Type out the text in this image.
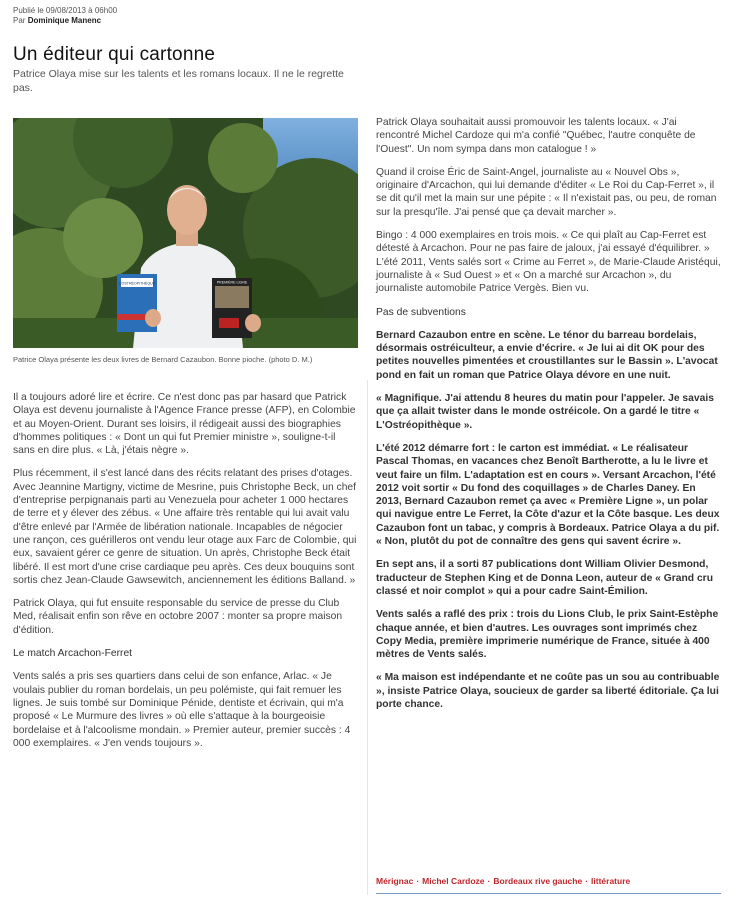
Publié le 09/08/2013 à 06h00
Par Dominique Manenc
Un éditeur qui cartonne
Patrice Olaya mise sur les talents et les romans locaux. Il ne le regrette pas.
L'OSTRÉOPITHÈQUE	PREMIÈRE LIGNE
Patrice Olaya présente les deux livres de Bernard Cazaubon. Bonne pioche. (photo D. M.)

Il a toujours adoré lire et écrire. Ce n'est donc pas par hasard que Patrick Olaya est devenu journaliste à l'Agence France presse (AFP), en Colombie et au Moyen-Orient. Durant ses loisirs, il rédigeait aussi des biographies d'hommes politiques : « Dont un qui fut Premier ministre », souligne-t-il sans en dire plus. « Là, j'étais nègre ».

Plus récemment, il s'est lancé dans des récits relatant des prises d'otages. Avec Jeannine Martigny, victime de Mesrine, puis Christophe Beck, un chef d'entreprise perpignanais parti au Venezuela pour acheter 1 000 hectares de terre et y élever des zébus. « Une affaire très rentable qui lui avait valu d'être enlevé par l'Armée de libération nationale. Incapables de négocier une rançon, ces guérilleros ont vendu leur otage aux Farc de Colombie, qui eux, savaient gérer ce genre de situation. Un après, Christophe Beck était libéré. Il est mort d'une crise cardiaque peu après. Ces deux bouquins sont sortis chez Jean-Claude Gawsewitch, anciennement les éditions Balland. »

Patrick Olaya, qui fut ensuite responsable du service de presse du Club Med, réalisait enfin son rêve en octobre 2007 : monter sa propre maison d'édition.

Le match Arcachon-Ferret

Vents salés a pris ses quartiers dans celui de son enfance, Arlac. « Je voulais publier du roman bordelais, un peu polémiste, qui fait remuer les lignes. Je suis tombé sur Dominique Pénide, dentiste et écrivain, qui m'a proposé « Le Murmure des livres » où elle s'attaque à la bourgeoisie bordelaise et à l'alcoolisme mondain. » Premier auteur, premier succès : 4 000 exemplaires. « J'en vends toujours ».

Patrick Olaya souhaitait aussi promouvoir les talents locaux. « J'ai rencontré Michel Cardoze qui m'a confié "Québec, l'autre conquête de l'Ouest". Un nom sympa dans mon catalogue ! »

Quand il croise Éric de Saint-Angel, journaliste au « Nouvel Obs », originaire d'Arcachon, qui lui demande d'éditer « Le Roi du Cap-Ferret », il se dit qu'il met la main sur une pépite : « Il n'existait pas, ou peu, de roman sur la presqu'île. J'ai pensé que ça devait marcher ».

Bingo : 4 000 exemplaires en trois mois. « Ce qui plaît au Cap-Ferret est détesté à Arcachon. Pour ne pas faire de jaloux, j'ai essayé d'équilibrer. » L'été 2011, Vents salés sort « Crime au Ferret », de Marie-Claude Aristéqui, journaliste à « Sud Ouest » et « On a marché sur Arcachon », du journaliste automobile Patrice Vergès. Bien vu.

Pas de subventions

Bernard Cazaubon entre en scène. Le ténor du barreau bordelais, désormais ostréiculteur, a envie d'écrire. « Je lui ai dit OK pour des petites nouvelles pimentées et croustillantes sur le Bassin ». L'avocat pond en fait un roman que Patrice Olaya dévore en une nuit.

« Magnifique. J'ai attendu 8 heures du matin pour l'appeler. Je savais que ça allait twister dans le monde ostréicole. On a gardé le titre « L'Ostréopithèque ».

L'été 2012 démarre fort : le carton est immédiat. « Le réalisateur Pascal Thomas, en vacances chez Benoît Bartherotte, a lu le livre et veut faire un film. L'adaptation est en cours ». Versant Arcachon, l'été 2012 voit sortir « Du fond des coquillages » de Charles Daney. En 2013, Bernard Cazaubon remet ça avec « Première Ligne », un polar qui navigue entre Le Ferret, la Côte d'azur et la Côte basque. Les deux Cazaubon font un tabac, y compris à Bordeaux. Patrice Olaya a du pif. « Non, plutôt du pot de connaître des gens qui savent écrire ».

En sept ans, il a sorti 87 publications dont William Olivier Desmond, traducteur de Stephen King et de Donna Leon, auteur de « Grand cru classé et noir complot » qui a pour cadre Saint-Émilion.

Vents salés a raflé des prix : trois du Lions Club, le prix Saint-Estèphe chaque année, et bien d'autres. Les ouvrages sont imprimés chez Copy Media, première imprimerie numérique de France, située à 400 mètres de Vents salés.

« Ma maison est indépendante et ne coûte pas un sou au contribuable », insiste Patrice Olaya, soucieux de garder sa liberté éditoriale. Ça lui porte chance.

Mérignac · Michel Cardoze · Bordeaux rive gauche · littérature
